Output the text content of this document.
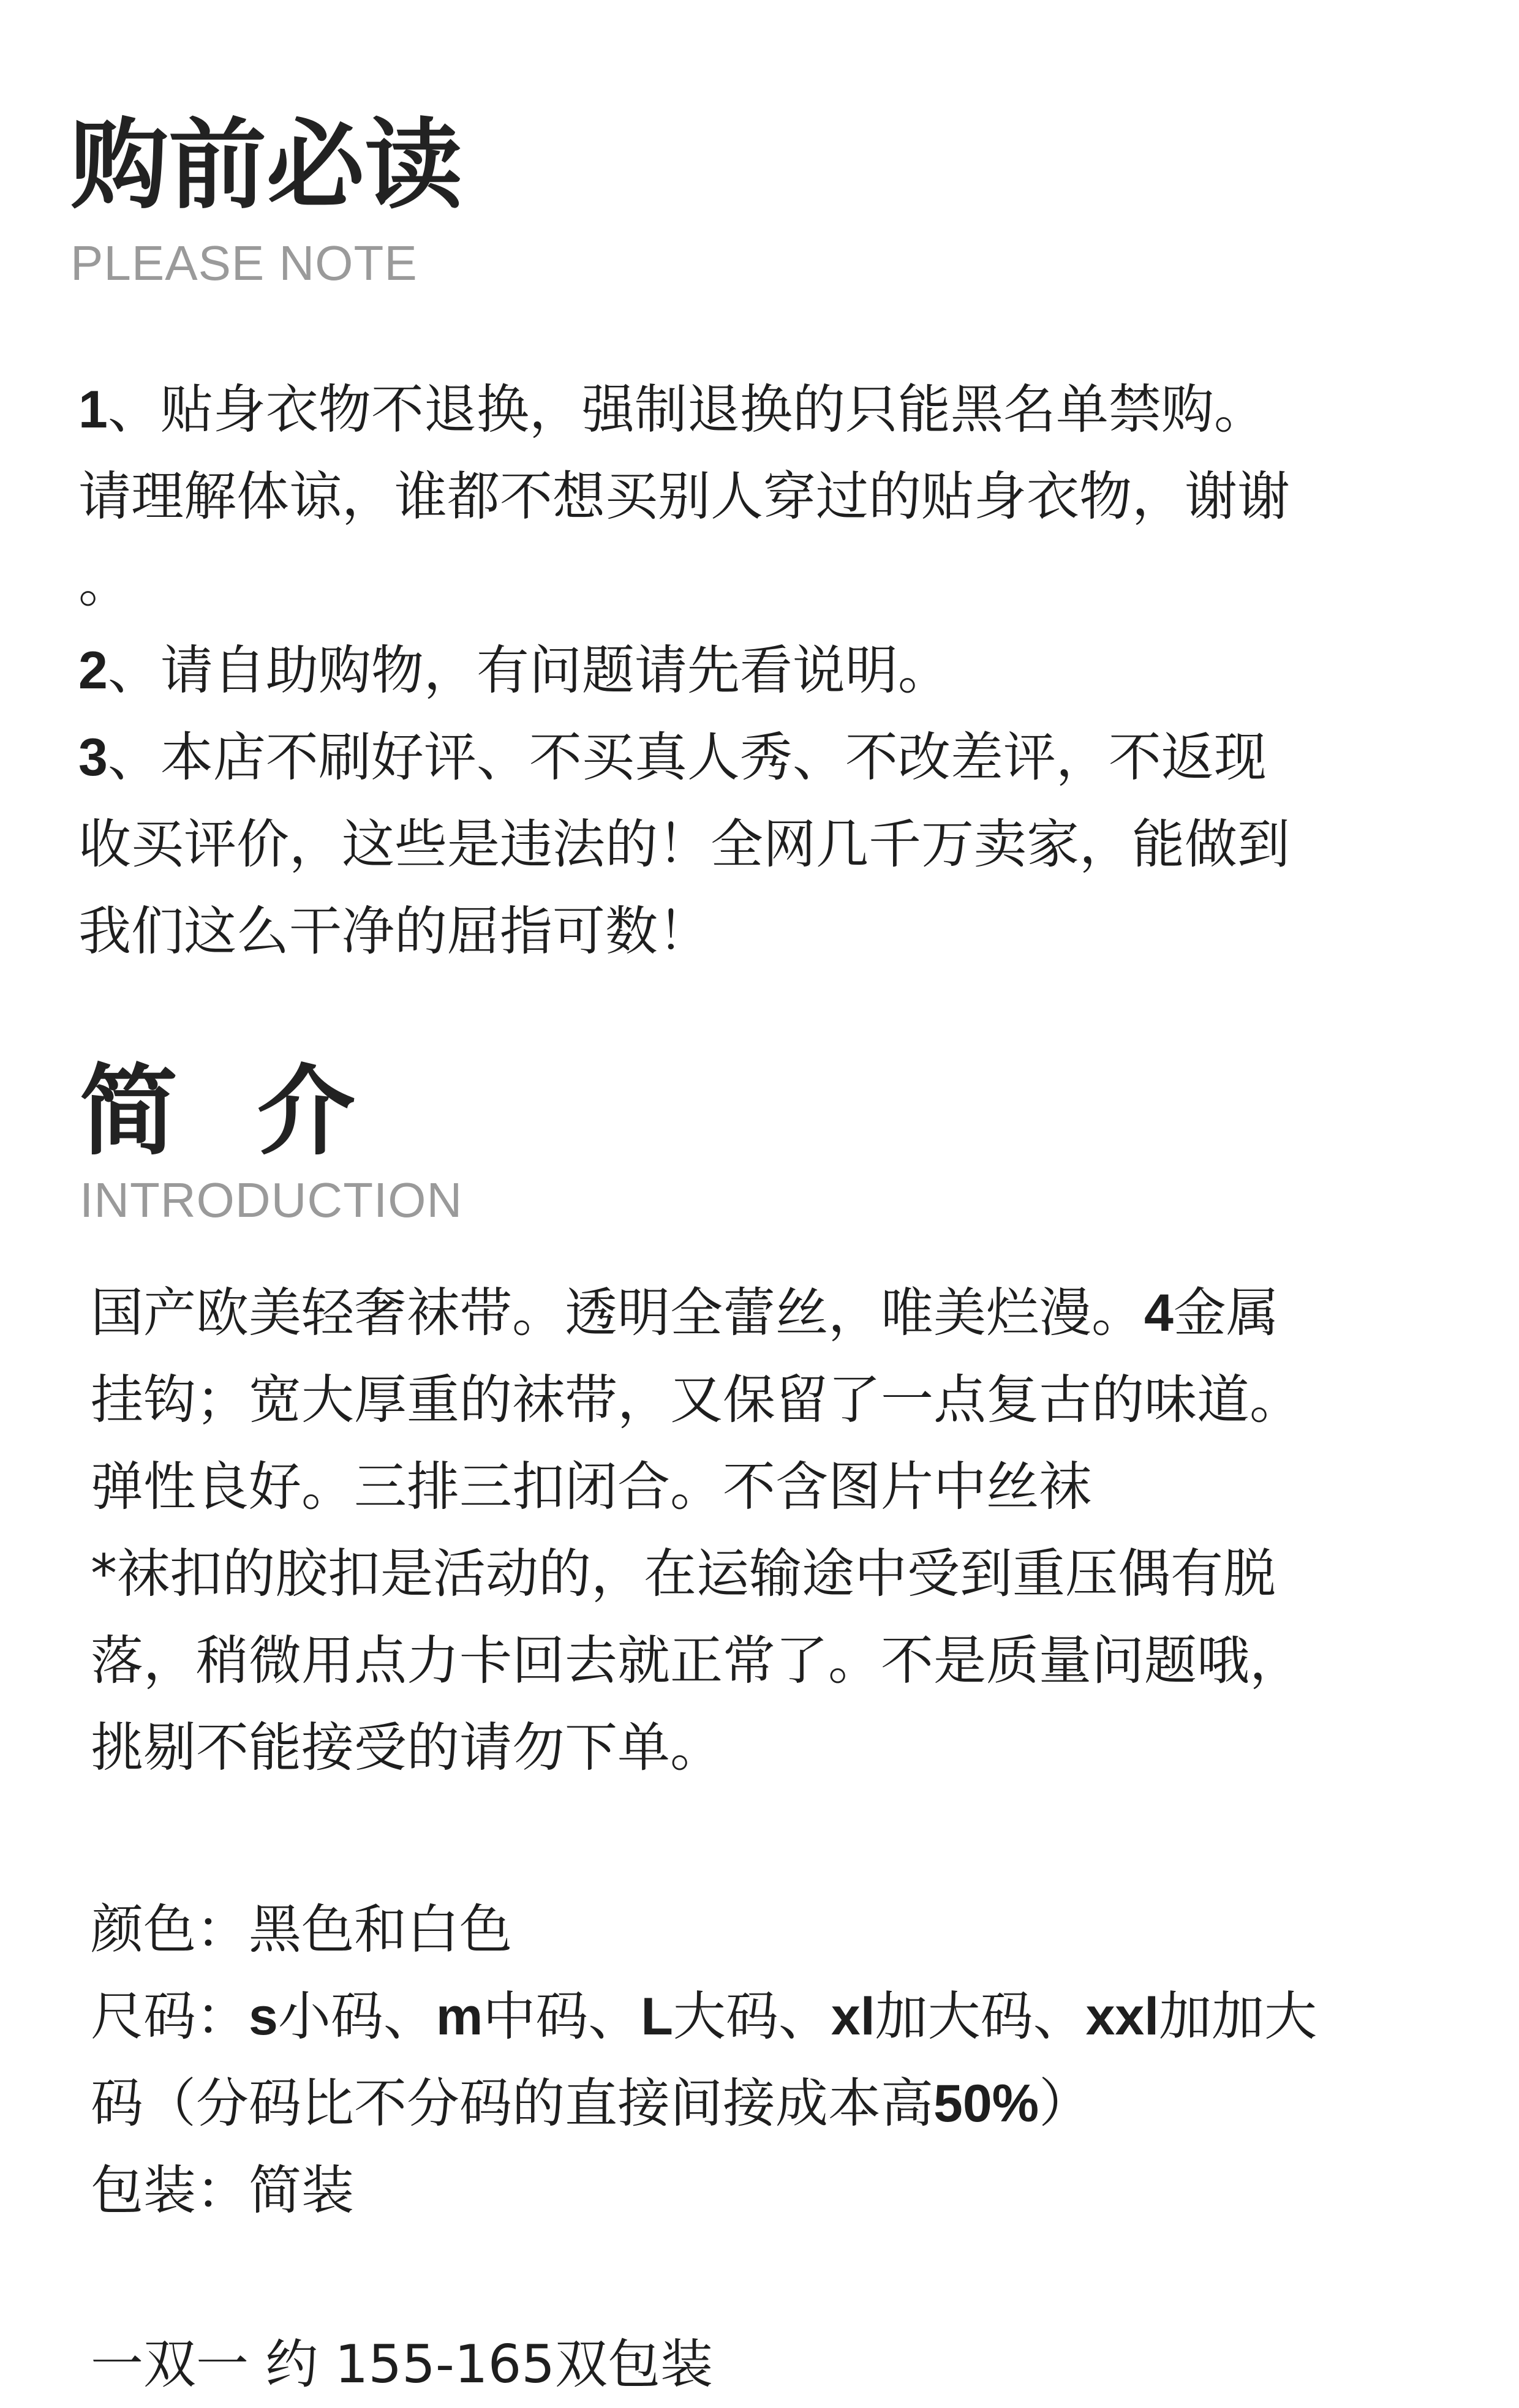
购前必读
PLEASE NOTE
1、贴身衣物不退换，强制退换的只能黑名单禁购。
请理解体谅，谁都不想买别人穿过的贴身衣物，谢谢
。
2、请自助购物，有问题请先看说明。
3、本店不刷好评、不买真人秀、不改差评，不返现
收买评价，这些是违法的！全网几千万卖家，能做到
我们这么干净的屈指可数！
简介
INTRODUCTION
国产欧美轻奢袜带。透明全蕾丝，唯美烂漫。4金属
挂钩；宽大厚重的袜带，又保留了一点复古的味道。
弹性良好。三排三扣闭合。不含图片中丝袜
*袜扣的胶扣是活动的，在运输途中受到重压偶有脱
落，稍微用点力卡回去就正常了。不是质量问题哦，
挑剔不能接受的请勿下单。
颜色：黑色和白色
尺码：s小码、m中码、L大码、xl加大码、xxl加加大
码（分码比不分码的直接间接成本高50%）
包装：简装
一双一 约 155-165双包装
